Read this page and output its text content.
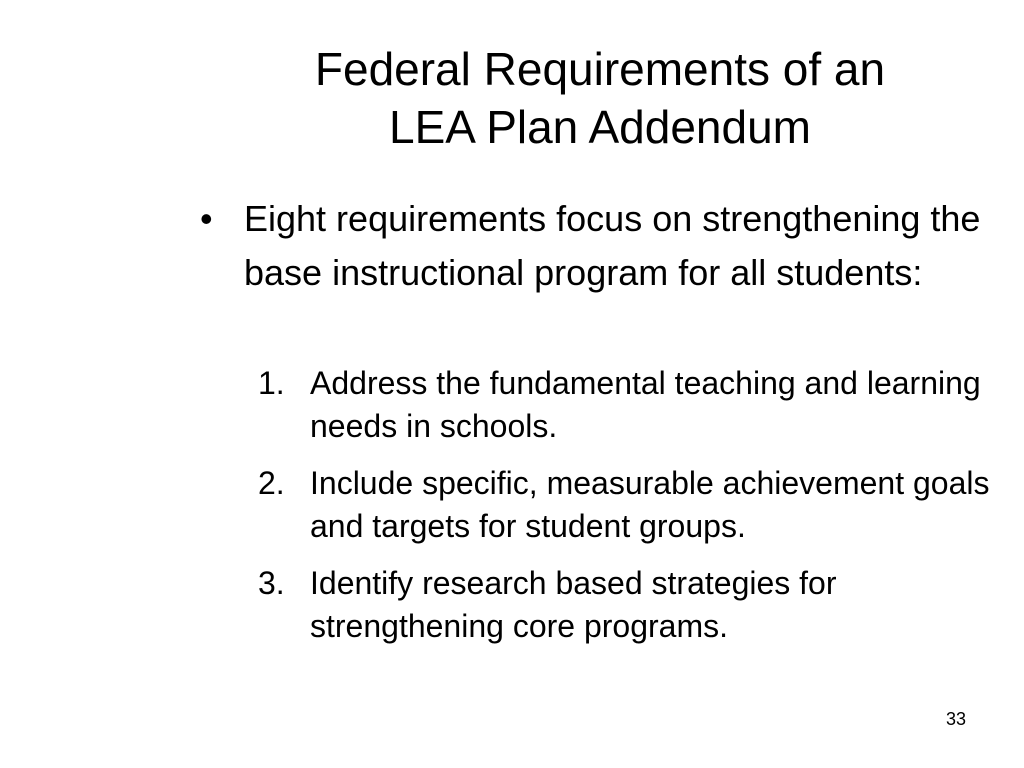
Federal Requirements of an
LEA Plan Addendum
• Eight requirements focus on strengthening the base instructional program for all students:
1. Address the fundamental teaching and learning needs in schools.
2. Include specific, measurable achievement goals and targets for student groups.
3. Identify research based strategies for strengthening core programs.
33
